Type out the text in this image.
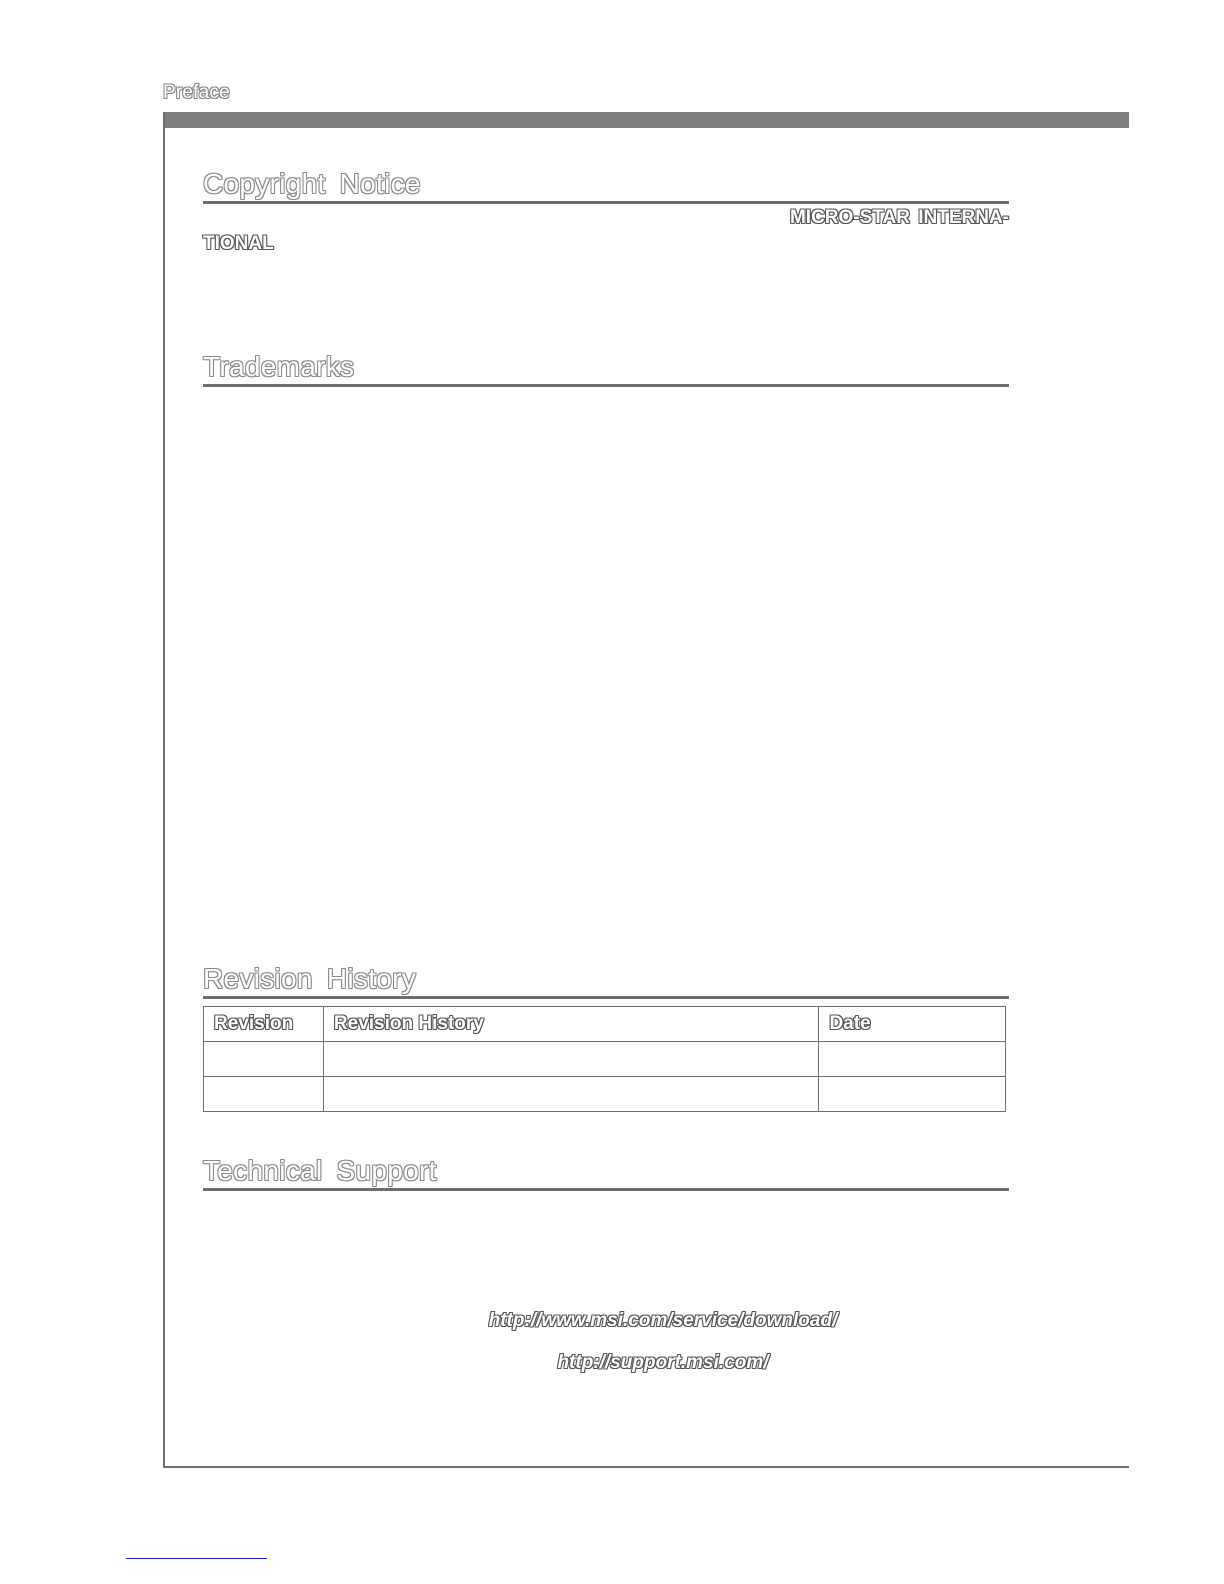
Preface
Copyright Notice
MICRO-STAR INTERNA-
TIONAL
Trademarks
Revision History
Revision	Revision History	Date

Technical Support
http://www.msi.com/service/download/
http://support.msi.com/
